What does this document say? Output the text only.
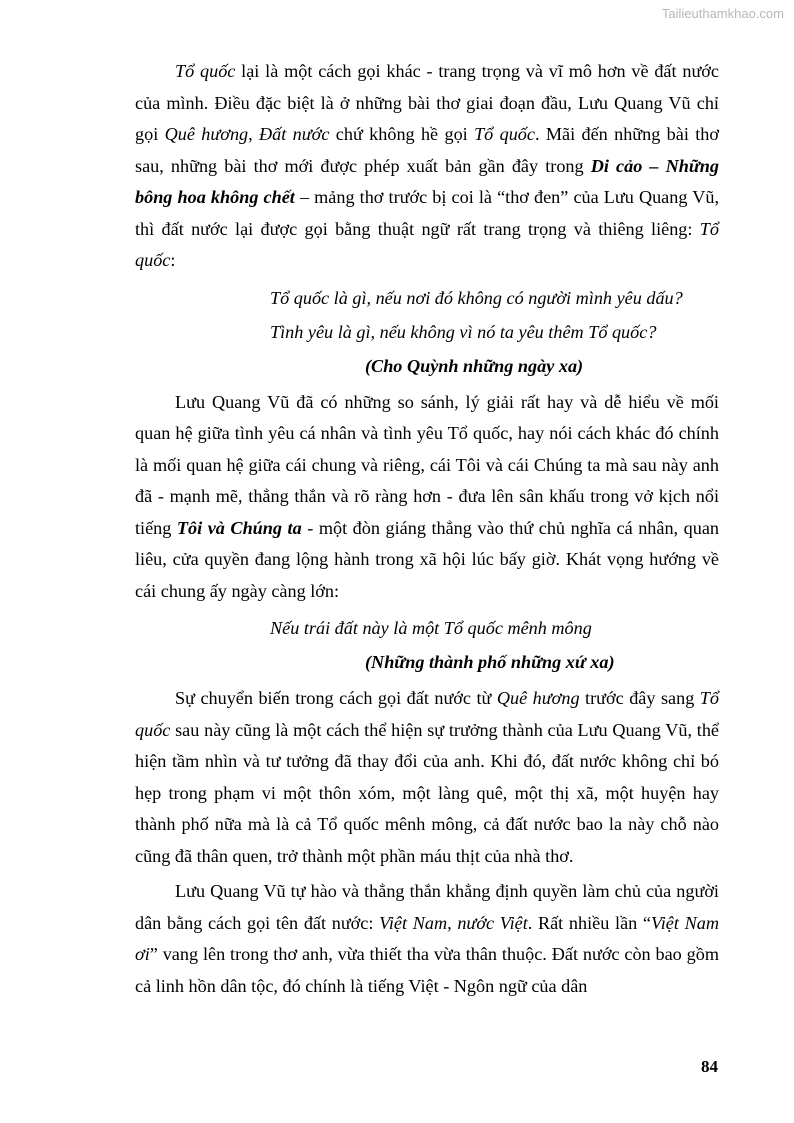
Tailieuthamkhao.com

Tổ quốc lại là một cách gọi khác - trang trọng và vĩ mô hơn về đất nước của mình. Điều đặc biệt là ở những bài thơ giai đoạn đầu, Lưu Quang Vũ chỉ gọi Quê hương, Đất nước chứ không hề gọi Tổ quốc. Mãi đến những bài thơ sau, những bài thơ mới được phép xuất bản gần đây trong Di cảo – Những bông hoa không chết – mảng thơ trước bị coi là “thơ đen” của Lưu Quang Vũ, thì đất nước lại được gọi bằng thuật ngữ rất trang trọng và thiêng liêng: Tổ quốc:

Tổ quốc là gì, nếu nơi đó không có người mình yêu dấu?
Tình yêu là gì, nếu không vì nó ta yêu thêm Tổ quốc?
(Cho Quỳnh những ngày xa)

Lưu Quang Vũ đã có những so sánh, lý giải rất hay và dễ hiểu về mối quan hệ giữa tình yêu cá nhân và tình yêu Tổ quốc, hay nói cách khác đó chính là mối quan hệ giữa cái chung và riêng, cái Tôi và cái Chúng ta mà sau này anh đã - mạnh mẽ, thẳng thắn và rõ ràng hơn - đưa lên sân khấu trong vở kịch nổi tiếng Tôi và Chúng ta - một đòn giáng thẳng vào thứ chủ nghĩa cá nhân, quan liêu, cửa quyền đang lộng hành trong xã hội lúc bấy giờ. Khát vọng hướng về cái chung ấy ngày càng lớn:

Nếu trái đất này là một Tổ quốc mênh mông
(Những thành phố những xứ xa)

Sự chuyển biến trong cách gọi đất nước từ Quê hương trước đây sang Tổ quốc sau này cũng là một cách thể hiện sự trưởng thành của Lưu Quang Vũ, thể hiện tầm nhìn và tư tưởng đã thay đổi của anh. Khi đó, đất nước không chỉ bó hẹp trong phạm vi một thôn xóm, một làng quê, một thị xã, một huyện hay thành phố nữa mà là cả Tổ quốc mênh mông, cả đất nước bao la này chỗ nào cũng đã thân quen, trở thành một phần máu thịt của nhà thơ.

Lưu Quang Vũ tự hào và thẳng thắn khẳng định quyền làm chủ của người dân bằng cách gọi tên đất nước: Việt Nam, nước Việt. Rất nhiều lần “Việt Nam ơi” vang lên trong thơ anh, vừa thiết tha vừa thân thuộc. Đất nước còn bao gồm cả linh hồn dân tộc, đó chính là tiếng Việt - Ngôn ngữ của dân

84
